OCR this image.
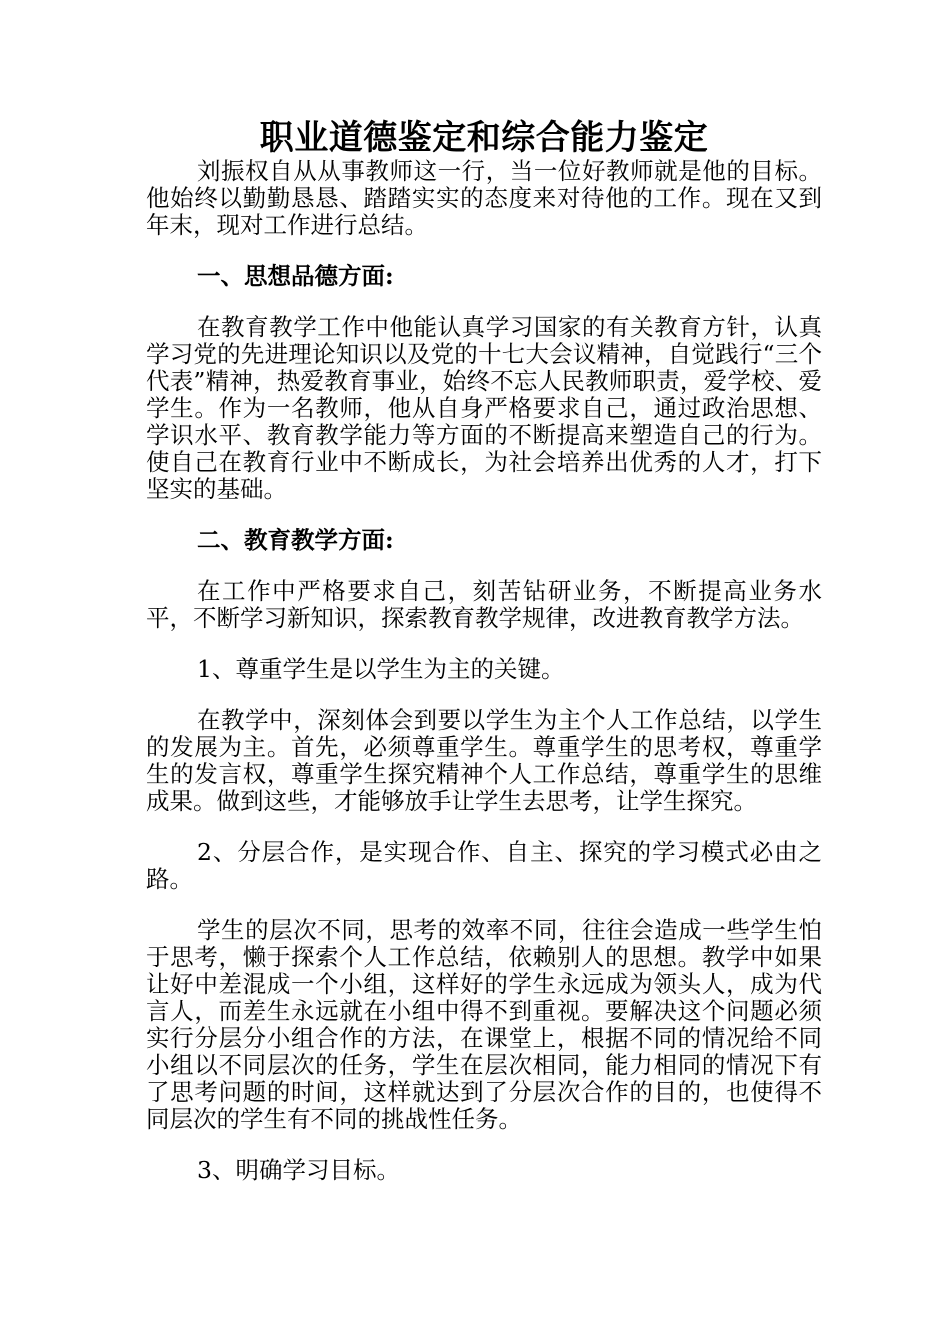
职业道德鉴定和综合能力鉴定

刘振权自从从事教师这一行，当一位好教师就是他的目标。他始终以勤勤恳恳、踏踏实实的态度来对待他的工作。现在又到年末，现对工作进行总结。

一、思想品德方面:

在教育教学工作中他能认真学习国家的有关教育方针，认真学习党的先进理论知识以及党的十七大会议精神，自觉践行“三个代表”精神，热爱教育事业，始终不忘人民教师职责，爱学校、爱学生。作为一名教师，他从自身严格要求自己，通过政治思想、学识水平、教育教学能力等方面的不断提高来塑造自己的行为。使自己在教育行业中不断成长，为社会培养出优秀的人才，打下坚实的基础。

二、教育教学方面:

在工作中严格要求自己，刻苦钻研业务，不断提高业务水平，不断学习新知识，探索教育教学规律，改进教育教学方法。

1、尊重学生是以学生为主的关键。

在教学中，深刻体会到要以学生为主个人工作总结，以学生的发展为主。首先，必须尊重学生。尊重学生的思考权，尊重学生的发言权，尊重学生探究精神个人工作总结，尊重学生的思维成果。做到这些，才能够放手让学生去思考，让学生探究。

2、分层合作，是实现合作、自主、探究的学习模式必由之路。

学生的层次不同，思考的效率不同，往往会造成一些学生怕于思考，懒于探索个人工作总结，依赖别人的思想。教学中如果让好中差混成一个小组，这样好的学生永远成为领头人，成为代言人，而差生永远就在小组中得不到重视。要解决这个问题必须实行分层分小组合作的方法，在课堂上，根据不同的情况给不同小组以不同层次的任务，学生在层次相同，能力相同的情况下有了思考问题的时间，这样就达到了分层次合作的目的，也使得不同层次的学生有不同的挑战性任务。

3、明确学习目标。
